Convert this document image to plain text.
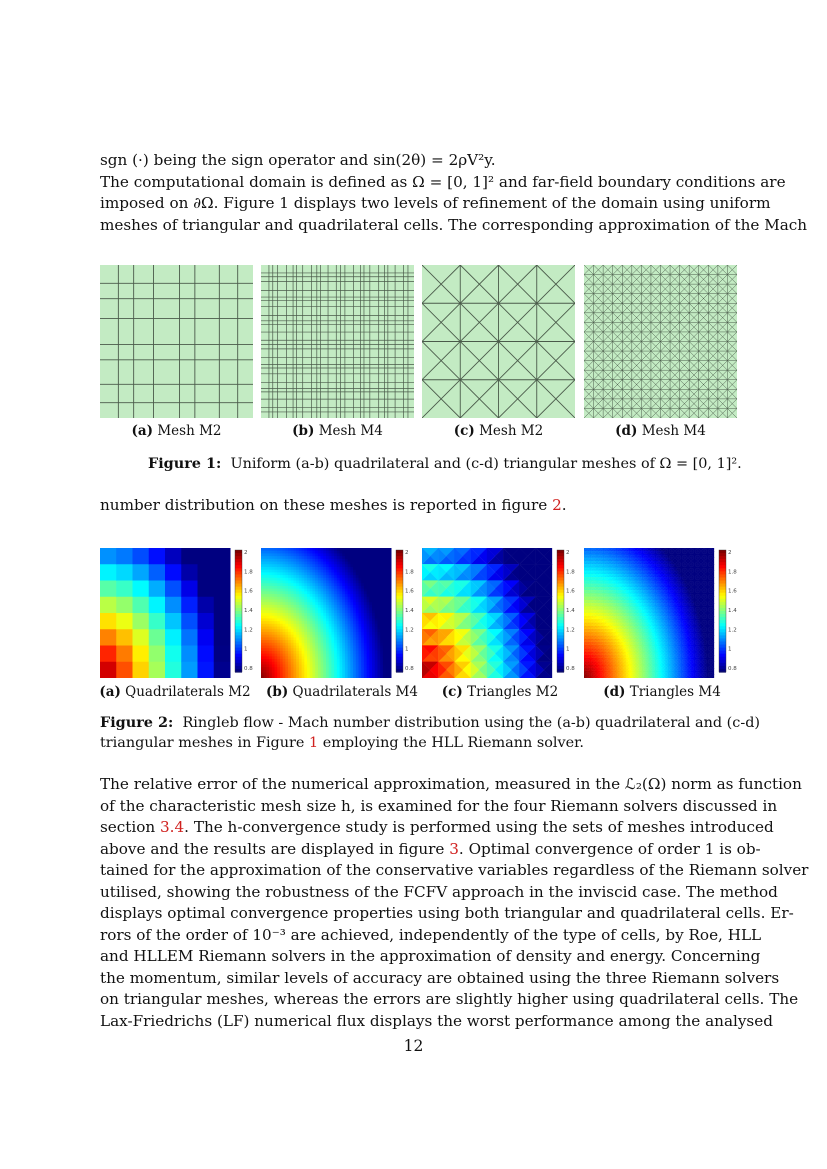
sgn (·) being the sign operator and sin(2θ) = 2ρV²y.
The computational domain is defined as Ω = [0, 1]² and far-field boundary conditions are
imposed on ∂Ω. Figure 1 displays two levels of refinement of the domain using uniform
meshes of triangular and quadrilateral cells. The corresponding approximation of the Mach
(a) Mesh M2	(b) Mesh M4	(c) Mesh M2	(d) Mesh M4
Figure 1: Uniform (a-b) quadrilateral and (c-d) triangular meshes of Ω = [0, 1]².
number distribution on these meshes is reported in figure 2.
2
1.8
1.6
1.4
1.2
1
0.8
2
1.8
1.6
1.4
1.2
1
0.8
2
1.8
1.6
1.4
1.2
1
0.8
2
1.8
1.6
1.4
1.2
1
0.8
(a) Quadrilaterals M2	(b) Quadrilaterals M4	(c) Triangles M2	(d) Triangles M4
Figure 2: Ringleb flow - Mach number distribution using the (a-b) quadrilateral and (c-d)
triangular meshes in Figure 1 employing the HLL Riemann solver.
The relative error of the numerical approximation, measured in the ℒ₂(Ω) norm as function
of the characteristic mesh size h, is examined for the four Riemann solvers discussed in
section 3.4. The h-convergence study is performed using the sets of meshes introduced
above and the results are displayed in figure 3. Optimal convergence of order 1 is ob-
tained for the approximation of the conservative variables regardless of the Riemann solver
utilised, showing the robustness of the FCFV approach in the inviscid case. The method
displays optimal convergence properties using both triangular and quadrilateral cells. Er-
rors of the order of 10⁻³ are achieved, independently of the type of cells, by Roe, HLL
and HLLEM Riemann solvers in the approximation of density and energy. Concerning
the momentum, similar levels of accuracy are obtained using the three Riemann solvers
on triangular meshes, whereas the errors are slightly higher using quadrilateral cells. The
Lax-Friedrichs (LF) numerical flux displays the worst performance among the analysed
12
